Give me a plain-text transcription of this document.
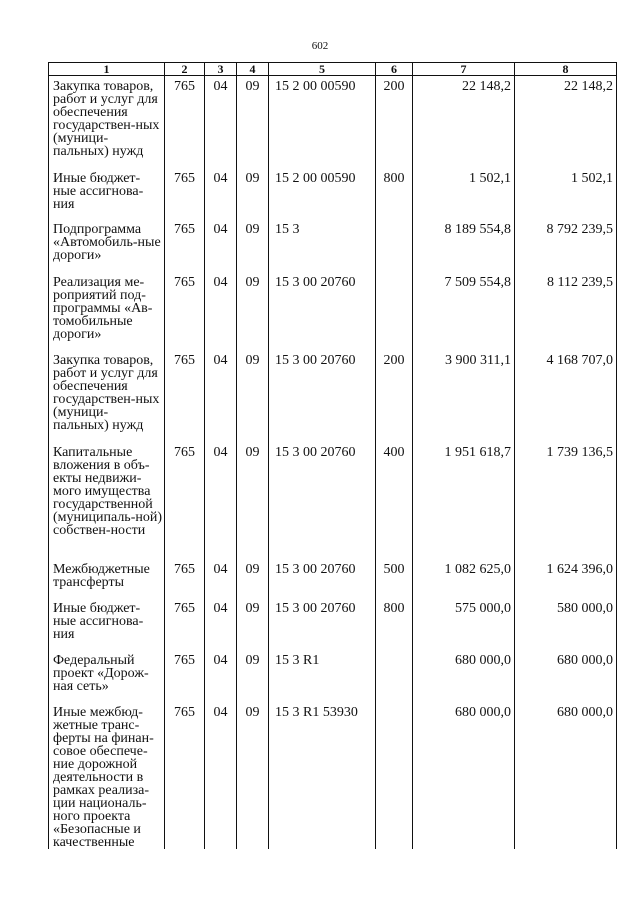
602
1	2	3	4	5	6	7	8
Закупка товаров, работ и услуг для обеспечения государствен-ных (муници-пальных) нужд	765	04	09	15 2 00 00590	200	22 148,2	22 148,2
Иные бюджет-ные ассигнова-ния	765	04	09	15 2 00 00590	800	1 502,1	1 502,1
Подпрограмма «Автомобиль-ные дороги»	765	04	09	15 3		8 189 554,8	8 792 239,5
Реализация ме-роприятий под-программы «Ав-томобильные дороги»	765	04	09	15 3 00 20760		7 509 554,8	8 112 239,5
Закупка товаров, работ и услуг для обеспечения государствен-ных (муници-пальных) нужд	765	04	09	15 3 00 20760	200	3 900 311,1	4 168 707,0
Капитальные вложения в объ-екты недвижи-мого имущества государственной (муниципаль-ной) собствен-ности	765	04	09	15 3 00 20760	400	1 951 618,7	1 739 136,5
Межбюджетные трансферты	765	04	09	15 3 00 20760	500	1 082 625,0	1 624 396,0
Иные бюджет-ные ассигнова-ния	765	04	09	15 3 00 20760	800	575 000,0	580 000,0
Федеральный проект «Дорож-ная сеть»	765	04	09	15 3 R1		680 000,0	680 000,0
Иные межбюд-жетные транс-ферты на финан-совое обеспече-ние дорожной деятельности в рамках реализа-ции националь-ного проекта «Безопасные и качественные	765	04	09	15 3 R1 53930		680 000,0	680 000,0
